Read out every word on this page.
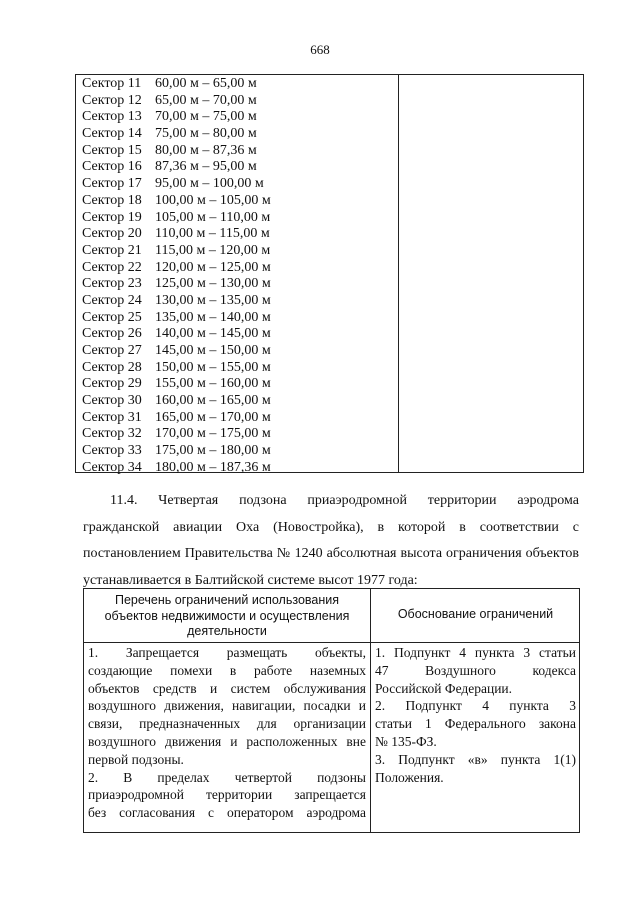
668
Сектор 11 60,00 м – 65,00 м
Сектор 12 65,00 м – 70,00 м
Сектор 13 70,00 м – 75,00 м
Сектор 14 75,00 м – 80,00 м
Сектор 15 80,00 м – 87,36 м
Сектор 16 87,36 м – 95,00 м
Сектор 17 95,00 м – 100,00 м
Сектор 18 100,00 м – 105,00 м
Сектор 19 105,00 м – 110,00 м
Сектор 20 110,00 м – 115,00 м
Сектор 21 115,00 м – 120,00 м
Сектор 22 120,00 м – 125,00 м
Сектор 23 125,00 м – 130,00 м
Сектор 24 130,00 м – 135,00 м
Сектор 25 135,00 м – 140,00 м
Сектор 26 140,00 м – 145,00 м
Сектор 27 145,00 м – 150,00 м
Сектор 28 150,00 м – 155,00 м
Сектор 29 155,00 м – 160,00 м
Сектор 30 160,00 м – 165,00 м
Сектор 31 165,00 м – 170,00 м
Сектор 32 170,00 м – 175,00 м
Сектор 33 175,00 м – 180,00 м
Сектор 34 180,00 м – 187,36 м
11.4. Четвертая подзона приаэродромной территории аэродрома
гражданской авиации Оха (Новостройка), в которой в соответствии с
постановлением Правительства № 1240 абсолютная высота ограничения объектов
устанавливается в Балтийской системе высот 1977 года:
Перечень ограничений использования
объектов недвижимости и осуществления
деятельности
Обоснование ограничений
1. Запрещается размещать объекты,
создающие помехи в работе наземных
объектов средств и систем обслуживания
воздушного движения, навигации, посадки и
связи, предназначенных для организации
воздушного движения и расположенных вне
первой подзоны.
2. В пределах четвертой подзоны
приаэродромной территории запрещается
без согласования с оператором аэродрома
1. Подпункт 4 пункта 3 статьи
47 Воздушного кодекса
Российской Федерации.
2. Подпункт 4 пункта 3
статьи 1 Федерального закона
№ 135-ФЗ.
3. Подпункт «в» пункта 1(1)
Положения.
